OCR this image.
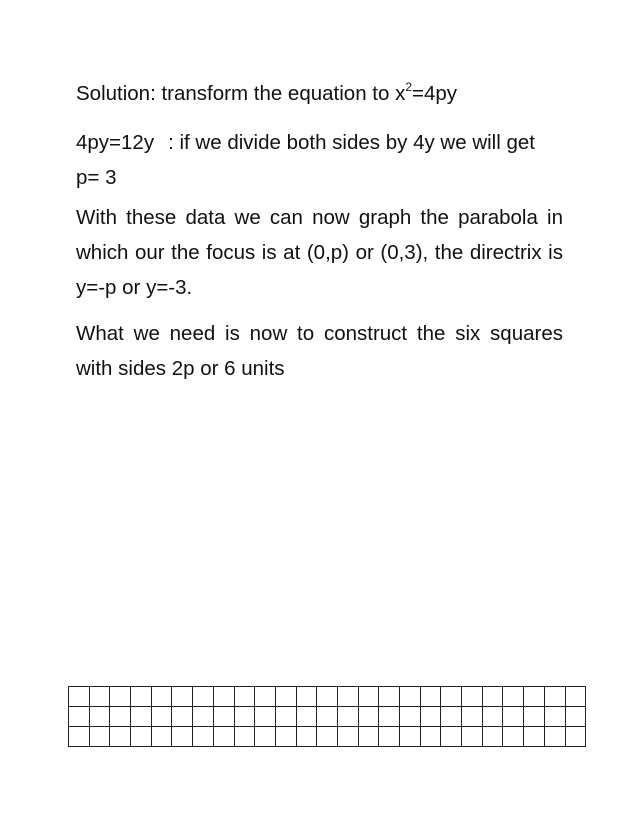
Solution: transform the equation to $x^2=4py$

4py=12y : if we divide both sides by 4y we will get p= 3

With these data we can now graph the parabola in which our the focus is at (0,p) or (0,3), the directrix is y=-p or y=-3.

What we need is now to construct the six squares with sides 2p or 6 units
